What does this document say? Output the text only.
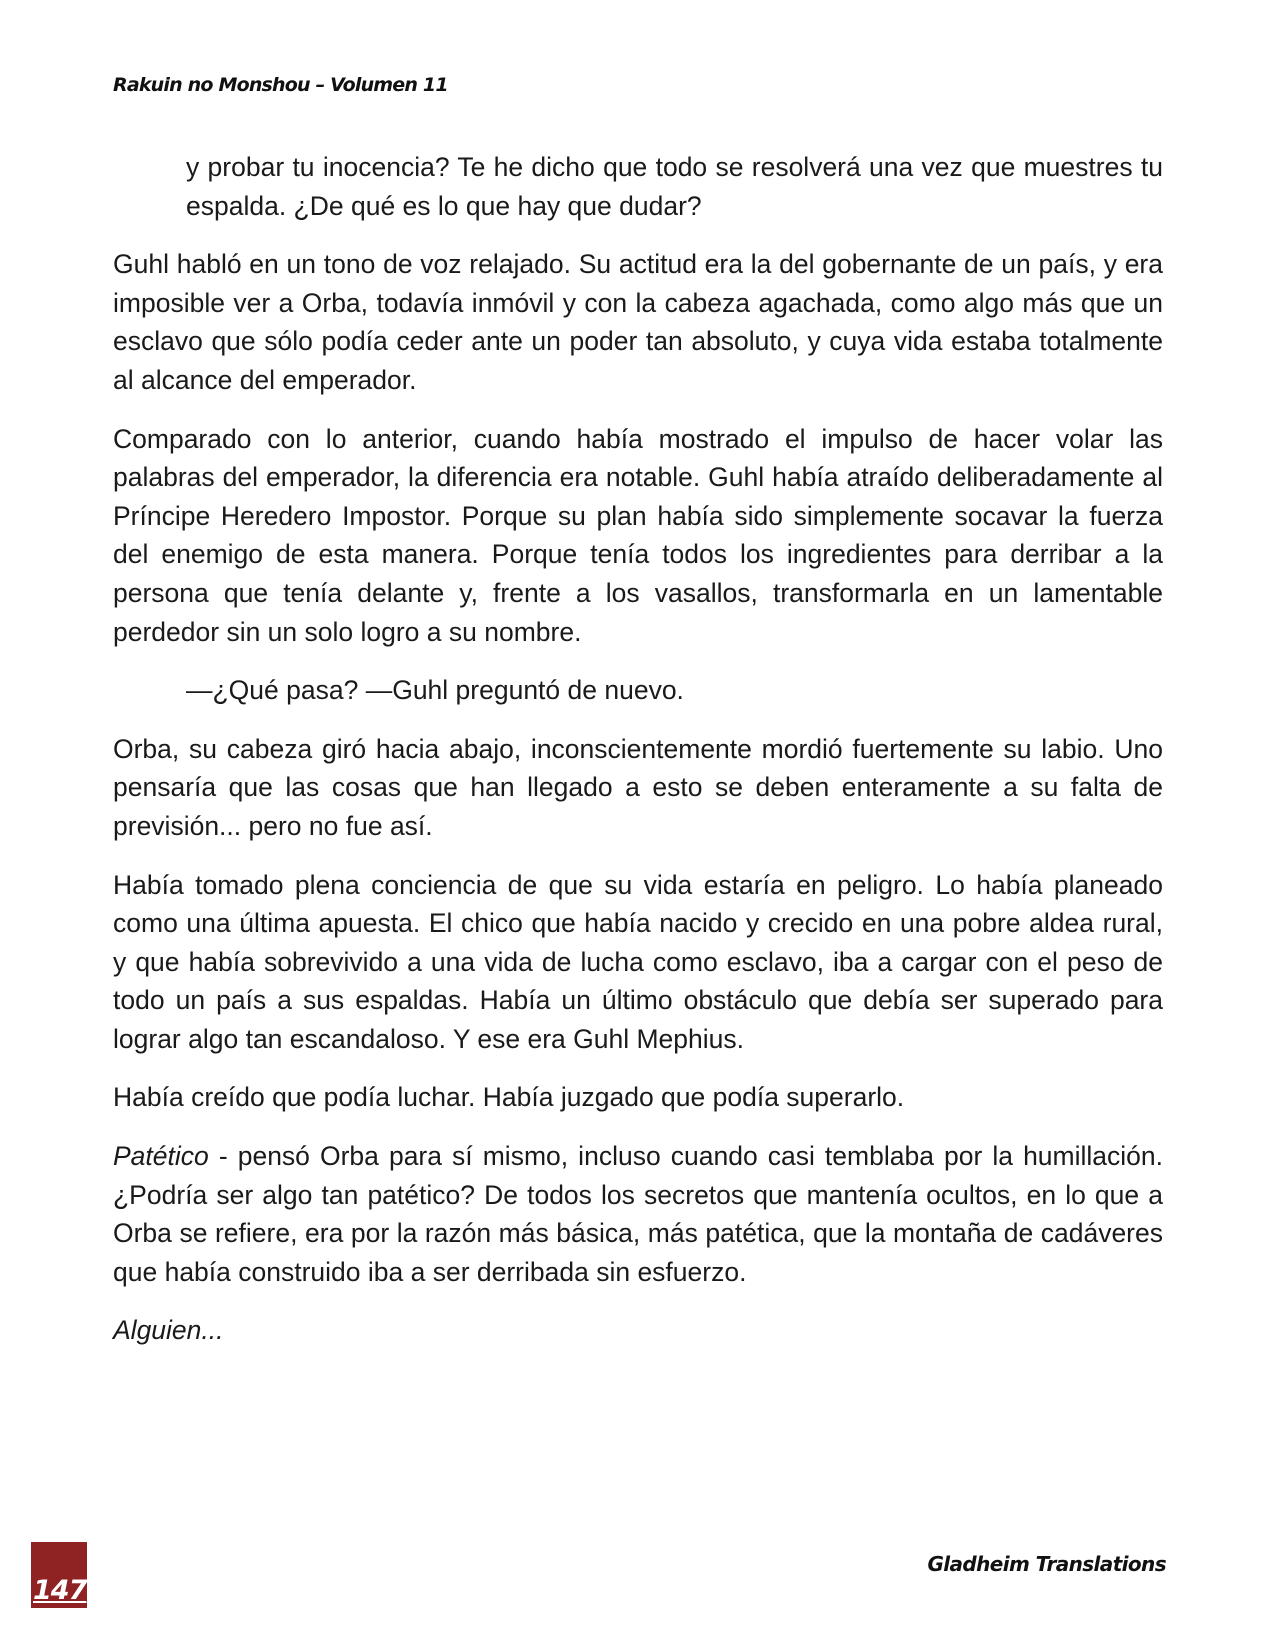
Rakuin no Monshou – Volumen 11

y probar tu inocencia? Te he dicho que todo se resolverá una vez que muestres tu espalda. ¿De qué es lo que hay que dudar?

Guhl habló en un tono de voz relajado. Su actitud era la del gobernante de un país, y era imposible ver a Orba, todavía inmóvil y con la cabeza agachada, como algo más que un esclavo que sólo podía ceder ante un poder tan absoluto, y cuya vida estaba totalmente al alcance del emperador.

Comparado con lo anterior, cuando había mostrado el impulso de hacer volar las palabras del emperador, la diferencia era notable. Guhl había atraído deliberadamente al Príncipe Heredero Impostor. Porque su plan había sido simplemente socavar la fuerza del enemigo de esta manera. Porque tenía todos los ingredientes para derribar a la persona que tenía delante y, frente a los vasallos, transformarla en un lamentable perdedor sin un solo logro a su nombre.

—¿Qué pasa? —Guhl preguntó de nuevo.

Orba, su cabeza giró hacia abajo, inconscientemente mordió fuertemente su labio. Uno pensaría que las cosas que han llegado a esto se deben enteramente a su falta de previsión... pero no fue así.

Había tomado plena conciencia de que su vida estaría en peligro. Lo había planeado como una última apuesta. El chico que había nacido y crecido en una pobre aldea rural, y que había sobrevivido a una vida de lucha como esclavo, iba a cargar con el peso de todo un país a sus espaldas. Había un último obstáculo que debía ser superado para lograr algo tan escandaloso. Y ese era Guhl Mephius.

Había creído que podía luchar. Había juzgado que podía superarlo.

Patético - pensó Orba para sí mismo, incluso cuando casi temblaba por la humillación. ¿Podría ser algo tan patético? De todos los secretos que mantenía ocultos, en lo que a Orba se refiere, era por la razón más básica, más patética, que la montaña de cadáveres que había construido iba a ser derribada sin esfuerzo.

Alguien...

147
Gladheim Translations
